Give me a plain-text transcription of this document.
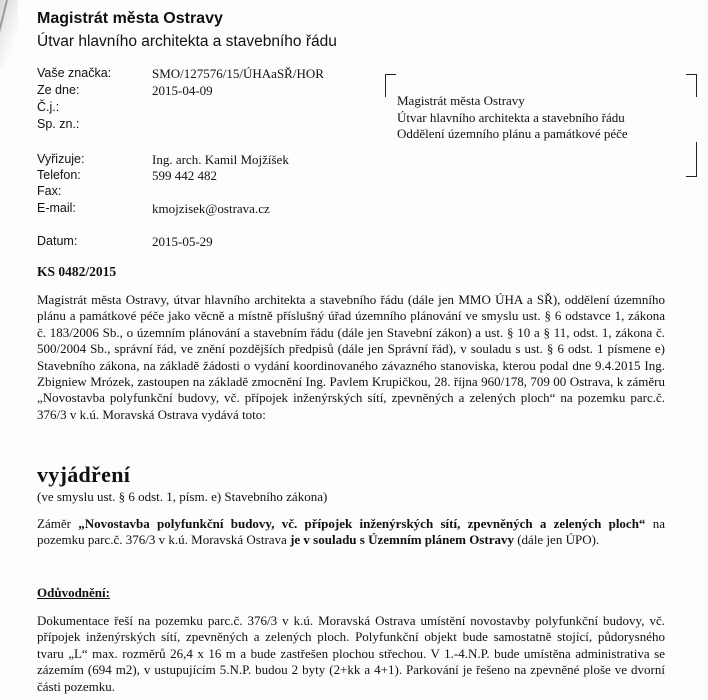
Magistrát města Ostravy
Útvar hlavního architekta a stavebního řádu
Vaše značka:	SMO/127576/15/ÚHAaSŘ/HOR
Ze dne:	2015-04-09
Č.j.:
Sp. zn.:
Vyřizuje:	Ing. arch. Kamil Mojžíšek
Telefon:	599 442 482
Fax:
E-mail:	kmojzisek@ostrava.cz
Datum:	2015-05-29
Magistrát města Ostravy
Útvar hlavního architekta a stavebního řádu
Oddělení územního plánu a památkové péče
KS 0482/2015

Magistrát města Ostravy, útvar hlavního architekta a stavebního řádu (dále jen MMO ÚHA a SŘ), oddělení územního plánu a památkové péče jako věcně a místně příslušný úřad územního plánování ve smyslu ust. § 6 odstavce 1, zákona č. 183/2006 Sb., o územním plánování a stavebním řádu (dále jen Stavební zákon) a ust. § 10 a § 11, odst. 1, zákona č. 500/2004 Sb., správní řád, ve znění pozdějších předpisů (dále jen Správní řád), v souladu s ust. § 6 odst. 1 písmene e) Stavebního zákona, na základě žádosti o vydání koordinovaného závazného stanoviska, kterou podal dne 9.4.2015 Ing. Zbigniew Mrózek, zastoupen na základě zmocnění Ing. Pavlem Krupičkou, 28. října 960/178, 709 00 Ostrava, k záměru „Novostavba polyfunkční budovy, vč. přípojek inženýrských sítí, zpevněných a zelených ploch“ na pozemku parc.č. 376/3 v k.ú. Moravská Ostrava vydává toto:

vyjádření
(ve smyslu ust. § 6 odst. 1, písm. e) Stavebního zákona)

Záměr „Novostavba polyfunkční budovy, vč. přípojek inženýrských sítí, zpevněných a zelených ploch“ na pozemku parc.č. 376/3 v k.ú. Moravská Ostrava je v souladu s Územním plánem Ostravy (dále jen ÚPO).

Odůvodnění:

Dokumentace řeší na pozemku parc.č. 376/3 v k.ú. Moravská Ostrava umístění novostavby polyfunkční budovy, vč. přípojek inženýrských sítí, zpevněných a zelených ploch. Polyfunkční objekt bude samostatně stojící, půdorysného tvaru „L“ max. rozměrů 26,4 x 16 m a bude zastřešen plochou střechou. V 1.-4.N.P. bude umístěna administrativa se zázemím (694 m2), v ustupujícím 5.N.P. budou 2 byty (2+kk a 4+1). Parkování je řešeno na zpevněné ploše ve dvorní části pozemku.
